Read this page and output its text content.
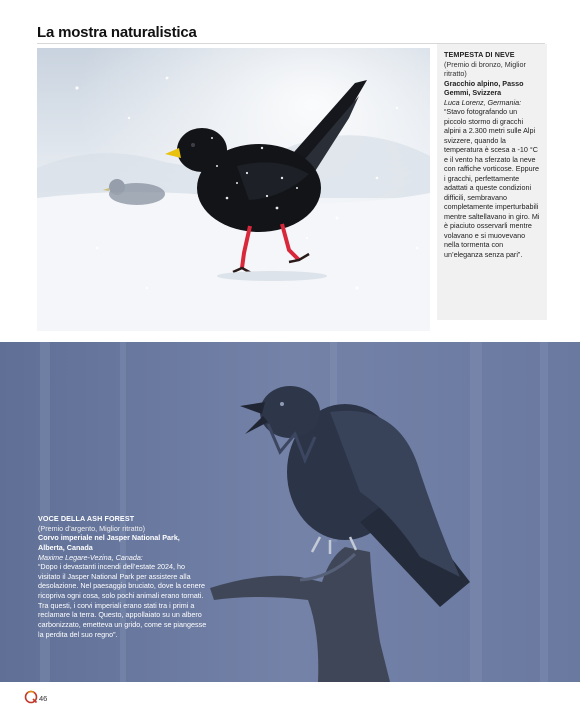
La mostra naturalistica
TEMPESTA DI NEVE
(Premio di bronzo, Miglior ritratto)
Gracchio alpino, Passo Gemmi, Svizzera
Luca Lorenz, Germania:
“Stavo fotografando un piccolo stormo di gracchi alpini a 2.300 metri sulle Alpi svizzere, quando la temperatura è scesa a -10 °C e il vento ha sferzato la neve con raffiche vorticose. Eppure i gracchi, perfettamente adattati a queste condizioni difficili, sembravano completamente imperturbabili mentre saltellavano in giro. Mi è piaciuto osservarli mentre volavano e si muovevano nella tormenta con un’eleganza senza pari”.
VOCE DELLA ASH FOREST
(Premio d’argento, Miglior ritratto)
Corvo imperiale nel Jasper National Park, Alberta, Canada
Maxime Legare-Vezina, Canada:
“Dopo i devastanti incendi dell’estate 2024, ho visitato il Jasper National Park per assistere alla desolazione. Nel paesaggio bruciato, dove la cenere ricopriva ogni cosa, solo pochi animali erano tornati. Tra questi, i corvi imperiali erano stati tra i primi a reclamare la terra. Questo, appollaiato su un albero carbonizzato, emetteva un grido, come se piangesse la perdita del suo regno”.
46
